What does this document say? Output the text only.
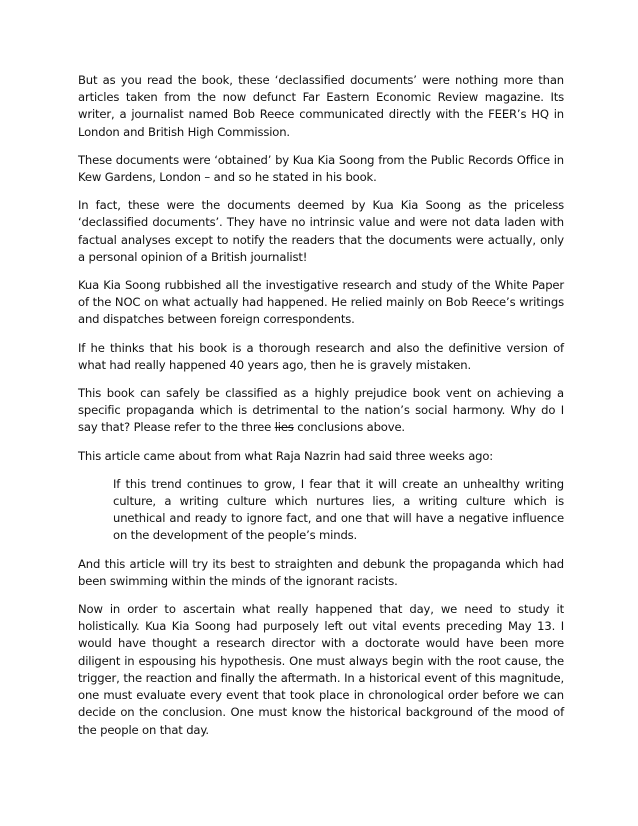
But as you read the book, these ‘declassified documents’ were nothing more than articles taken from the now defunct Far Eastern Economic Review magazine. Its writer, a journalist named Bob Reece communicated directly with the FEER’s HQ in London and British High Commission.

These documents were ‘obtained’ by Kua Kia Soong from the Public Records Office in Kew Gardens, London – and so he stated in his book.

In fact, these were the documents deemed by Kua Kia Soong as the priceless ‘declassified documents’. They have no intrinsic value and were not data laden with factual analyses except to notify the readers that the documents were actually, only a personal opinion of a British journalist!

Kua Kia Soong rubbished all the investigative research and study of the White Paper of the NOC on what actually had happened. He relied mainly on Bob Reece’s writings and dispatches between foreign correspondents.

If he thinks that his book is a thorough research and also the definitive version of what had really happened 40 years ago, then he is gravely mistaken.

This book can safely be classified as a highly prejudice book vent on achieving a specific propaganda which is detrimental to the nation’s social harmony. Why do I say that? Please refer to the three lies conclusions above.

This article came about from what Raja Nazrin had said three weeks ago:

If this trend continues to grow, I fear that it will create an unhealthy writing culture, a writing culture which nurtures lies, a writing culture which is unethical and ready to ignore fact, and one that will have a negative influence on the development of the people’s minds.

And this article will try its best to straighten and debunk the propaganda which had been swimming within the minds of the ignorant racists.

Now in order to ascertain what really happened that day, we need to study it holistically. Kua Kia Soong had purposely left out vital events preceding May 13. I would have thought a research director with a doctorate would have been more diligent in espousing his hypothesis. One must always begin with the root cause, the trigger, the reaction and finally the aftermath. In a historical event of this magnitude, one must evaluate every event that took place in chronological order before we can decide on the conclusion. One must know the historical background of the mood of the people on that day.
